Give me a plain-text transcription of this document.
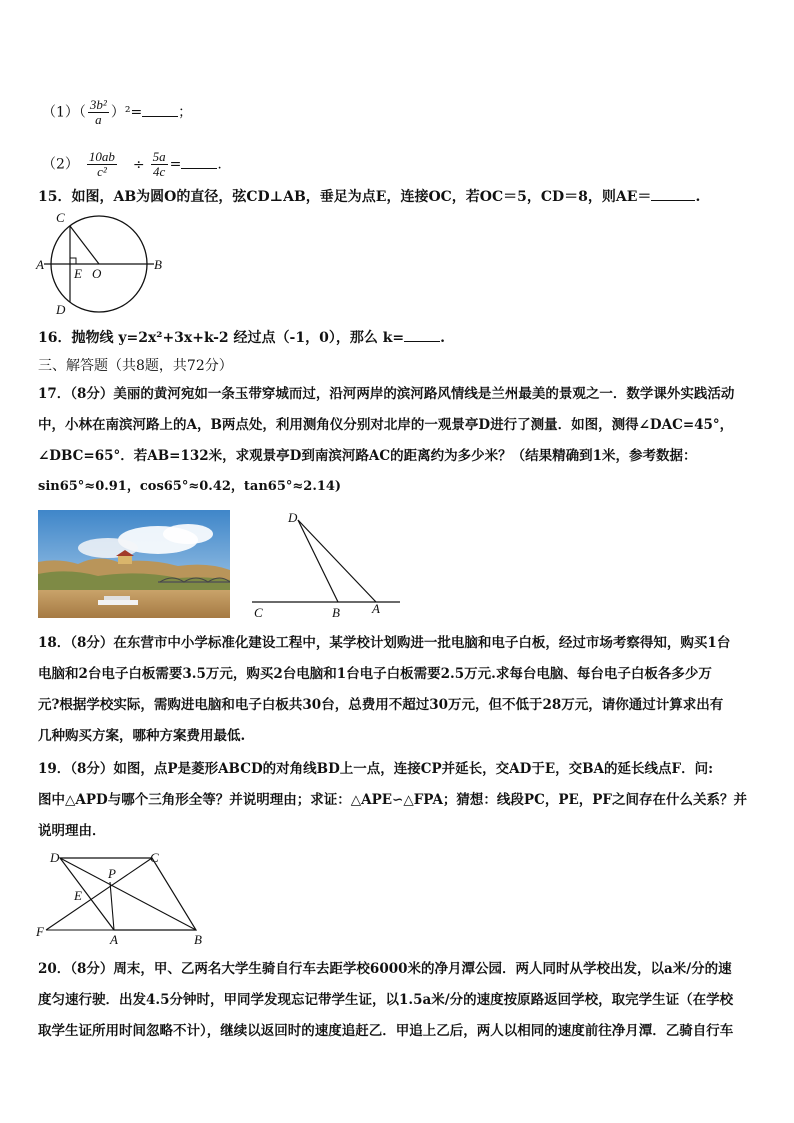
$(1)( \frac{\text{3b²}}{a} )^2=$	；
$(2) \frac{10ab}{\text{c²}} \div \frac{5a}{4c}$ =	.
15．如图，AB为圆O的直径，弦CD⊥AB，垂足为点E，连接OC，若OC＝5，CD＝8，则AE＝	.
C
A
E O
B
D
16．抛物线 y=2x²+3x+k-2 经过点（-1，0），那么 k=	.
三、解答题（共8题，共72分）
17．（8分）美丽的黄河宛如一条玉带穿城而过，沿河两岸的滨河路风情线是兰州最美的景观之一．数学课外实践活动
中，小林在南滨河路上的A，B两点处，利用测角仪分别对北岸的一观景亭D进行了测量．如图，测得∠DAC=45°，
∠DBC=65°．若AB=132米，求观景亭D到南滨河路AC的距离约为多少米？（结果精确到1米，参考数据：
sin65°≈0.91，cos65°≈0.42，tan65°≈2.14)
D
C	B A
18．（8分）在东营市中小学标准化建设工程中，某学校计划购进一批电脑和电子白板，经过市场考察得知，购买1台
电脑和2台电子白板需要3.5万元，购买2台电脑和1台电子白板需要2.5万元.求每台电脑、每台电子白板各多少万
元?根据学校实际，需购进电脑和电子白板共30台，总费用不超过30万元，但不低于28万元，请你通过计算求出有
几种购买方案，哪种方案费用最低.
19．（8分）如图，点P是菱形ABCD的对角线BD上一点，连接CP并延长，交AD于E，交BA的延长线点F．问:
图中△APD与哪个三角形全等？并说明理由；求证：△APE∽△FPA；猜想：线段PC，PE，PF之间存在什么关系？并
说明理由．
D	C
P
E
F
A	B
20．（8分）周末，甲、乙两名大学生骑自行车去距学校6000米的净月潭公园．两人同时从学校出发，以a米/分的速
度匀速行驶．出发4.5分钟时，甲同学发现忘记带学生证，以1.5a米/分的速度按原路返回学校，取完学生证（在学校
取学生证所用时间忽略不计），继续以返回时的速度追赶乙．甲追上乙后，两人以相同的速度前往净月潭．乙骑自行车
